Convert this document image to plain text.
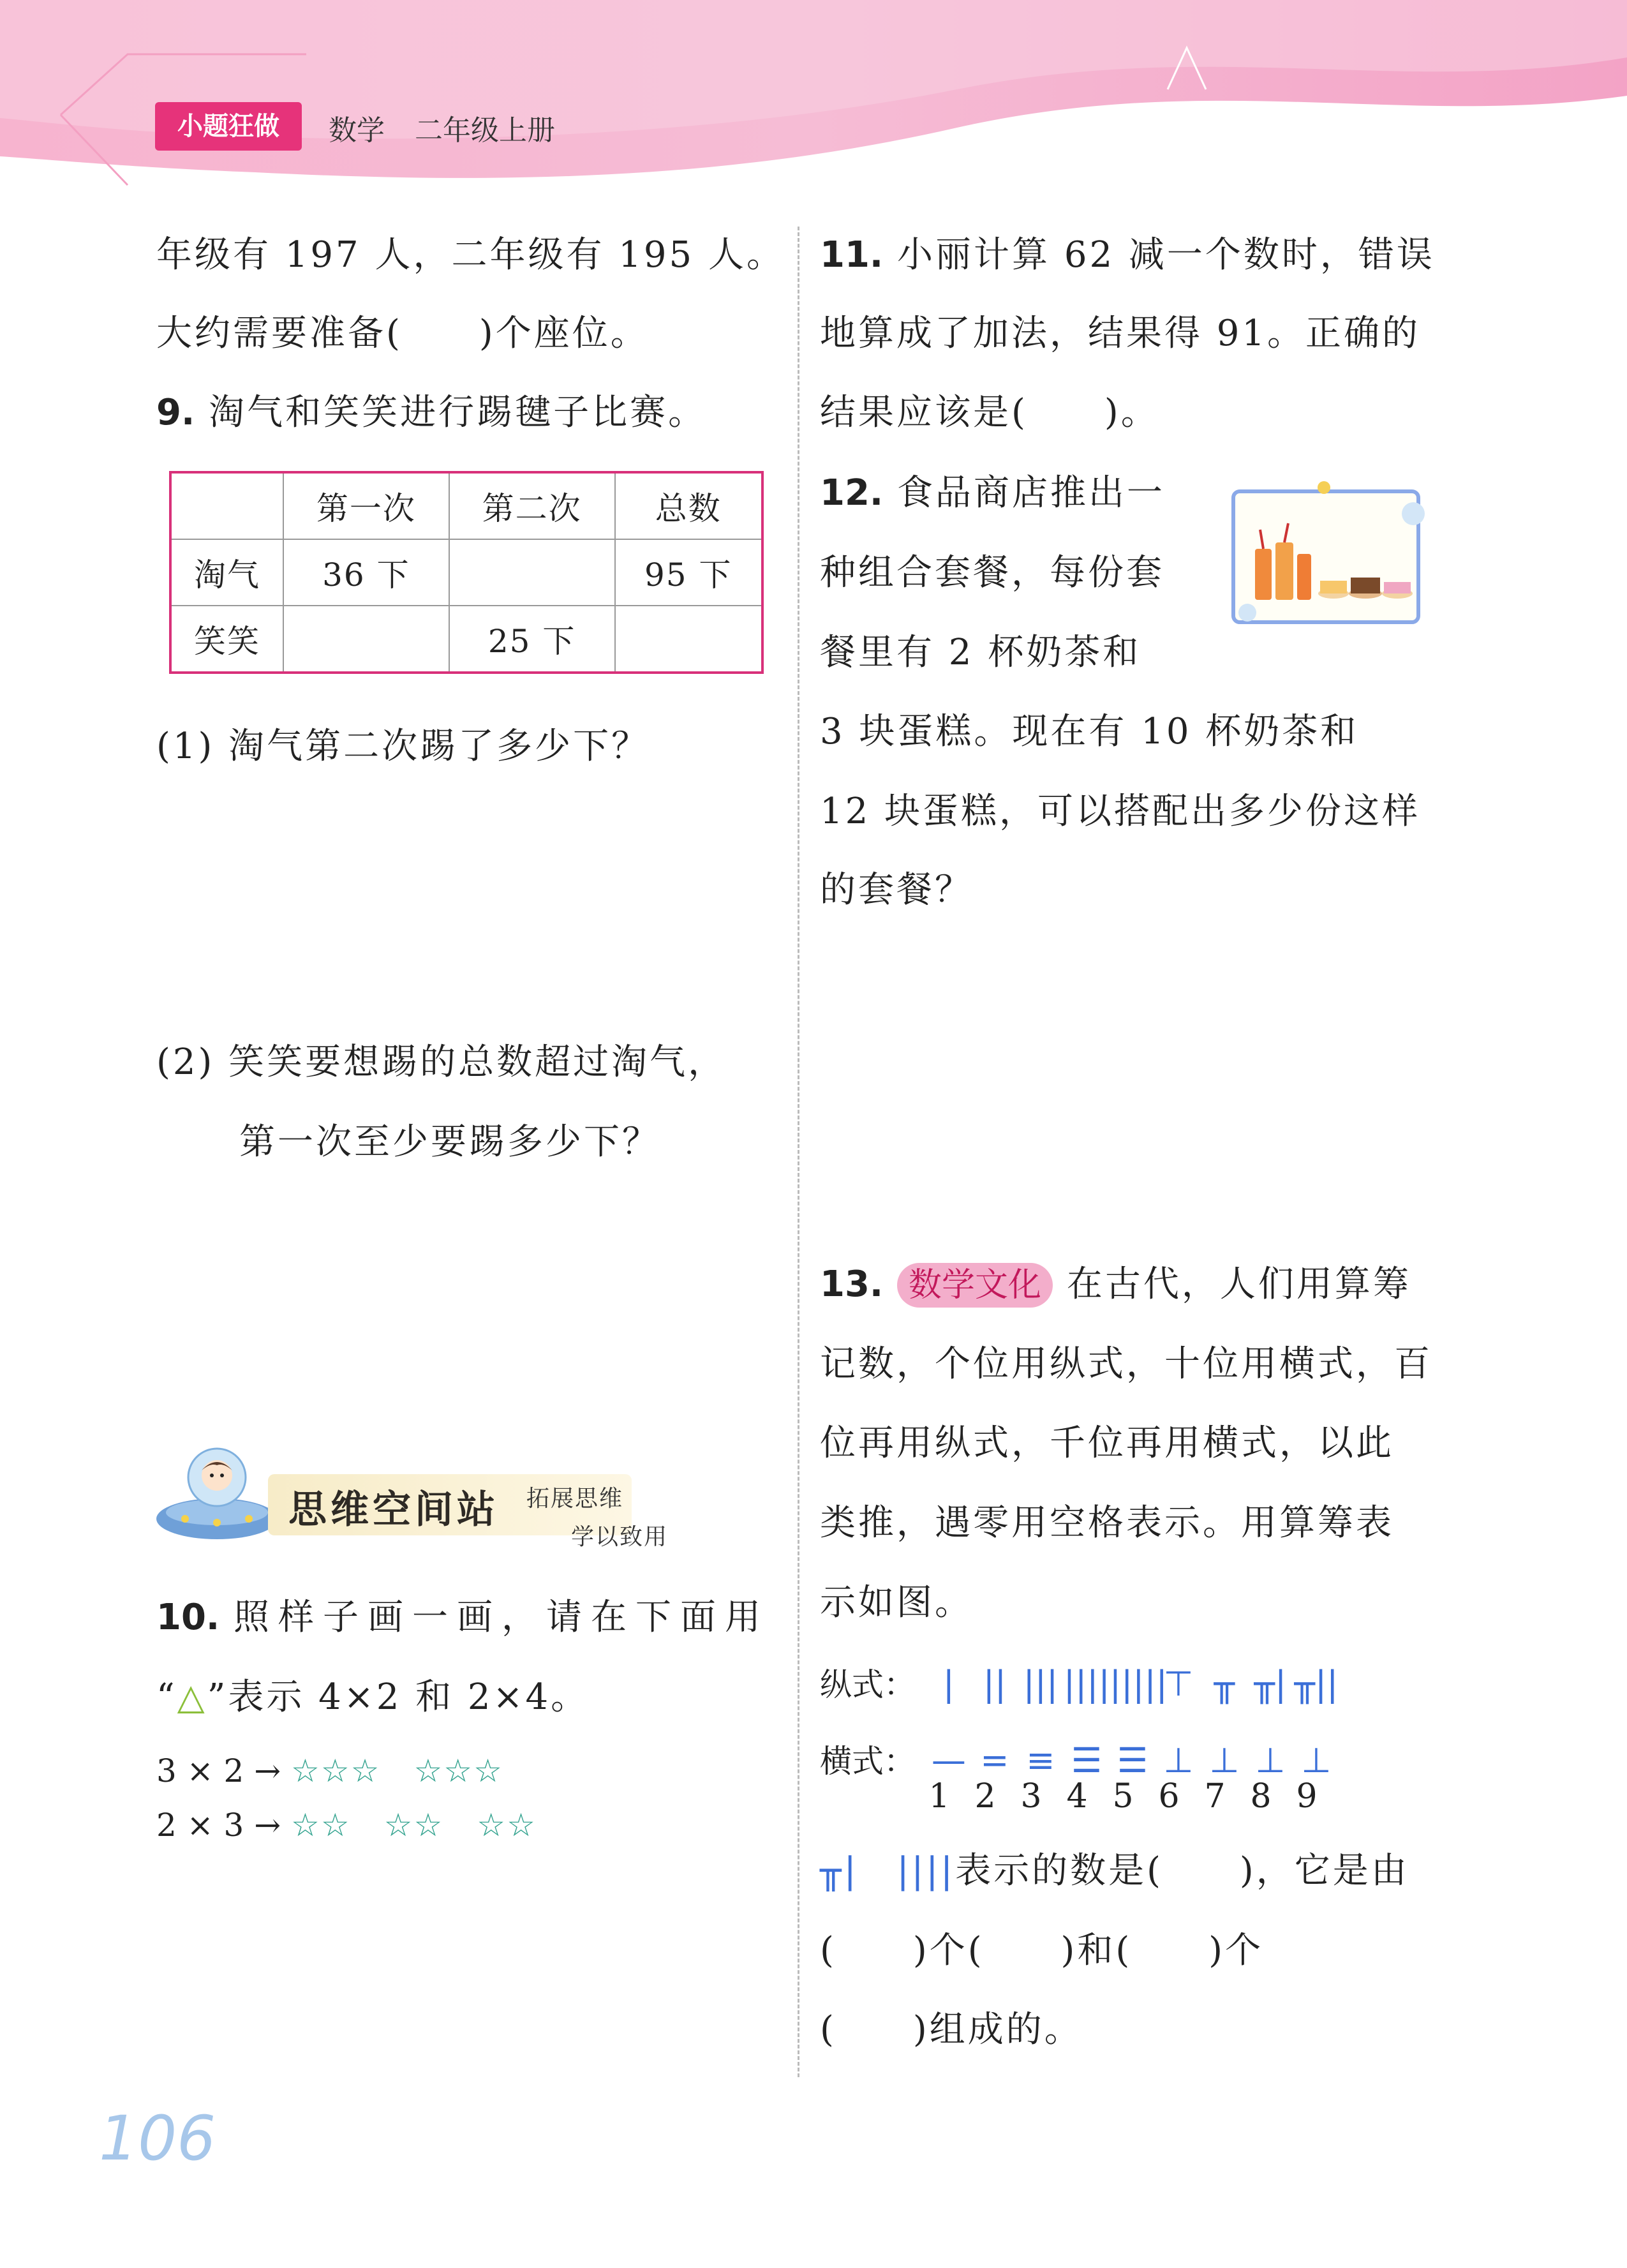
小题狂做	数学 二年级上册
年级有 197 人，二年级有 195 人。
大约需要准备(　　)个座位。
9. 淘气和笑笑进行踢毽子比赛。
	第一次	第二次	总数
淘气	36 下		95 下
笑笑		25 下	
(1) 淘气第二次踢了多少下？
(2) 笑笑要想踢的总数超过淘气，
第一次至少要踢多少下？
思维空间站 拓展思维
学以致用
10. 照样子画一画，请在下面用
“△”表示 4×2 和 2×4。
3 × 2 → ☆☆☆　☆☆☆
2 × 3 → ☆☆　☆☆　☆☆
11. 小丽计算 62 减一个数时，错误
地算成了加法，结果得 91。正确的
结果应该是(　　)。
12. 食品商店推出一
种组合套餐，每份套
餐里有 2 杯奶茶和
3 块蛋糕。现在有 10 杯奶茶和
12 块蛋糕，可以搭配出多少份这样
的套餐？
13. 数学文化 在古代，人们用算筹
记数，个位用纵式，十位用横式，百
位再用纵式，千位再用横式，以此
类推，遇零用空格表示。用算筹表
示如图。
纵式： | || ||| |||||||||⊤ ╥ ╥| ╥||
横式： — = ≡ ☰ ☰ ⊥ ⊥ ⊥ ⊥
1 2 3 4 5 6 7 8 9
╥|　||||表示的数是(　　)，它是由
(　　)个(　　)和(　　)个
(　　)组成的。
106
